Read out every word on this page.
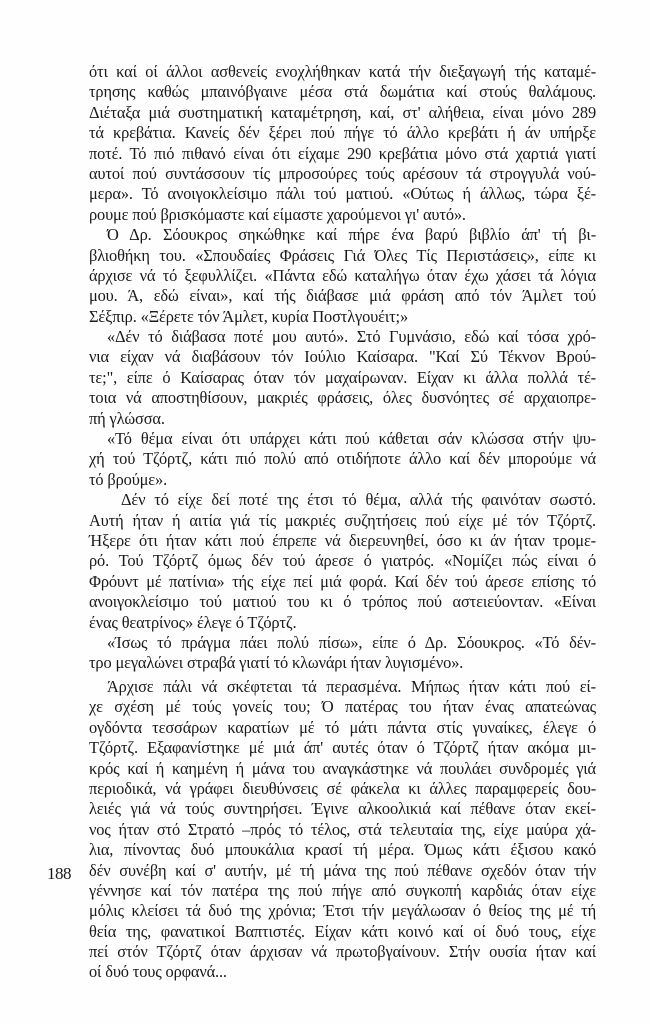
ότι καί οί άλλοι ασθενείς ενοχλήθηκαν κατά τήν διεξαγωγή τής καταμέ-
τρησης καθώς μπαινόβγαινε μέσα στά δωμάτια καί στούς θαλάμους.
Διέταξα μιά συστηματική καταμέτρηση, καί, στ' αλήθεια, είναι μόνο 289
τά κρεβάτια. Κανείς δέν ξέρει πού πήγε τό άλλο κρεβάτι ή άν υπήρξε
ποτέ. Τό πιό πιθανό είναι ότι είχαμε 290 κρεβάτια μόνο στά χαρτιά γιατί
αυτοί πού συντάσσουν τίς μπροσούρες τούς αρέσουν τά στρογγυλά νού-
μερα». Τό ανοιγοκλείσιμο πάλι τού ματιού. «Ούτως ή άλλως, τώρα ξέ-
ρουμε πού βρισκόμαστε καί είμαστε χαρούμενοι γι' αυτό».
Ό Δρ. Σόουκρος σηκώθηκε καί πήρε ένα βαρύ βιβλίο άπ' τή βι-
βλιοθήκη του. «Σπουδαίες Φράσεις Γιά Όλες Τίς Περιστάσεις», είπε κι
άρχισε νά τό ξεφυλλίζει. «Πάντα εδώ καταλήγω όταν έχω χάσει τά λόγια
μου. Ά, εδώ είναι», καί τής διάβασε μιά φράση από τόν Άμλετ τού
Σέξπιρ. «Ξέρετε τόν Άμλετ, κυρία Ποστλγουέιτ;»
«Δέν τό διάβασα ποτέ μου αυτό». Στό Γυμνάσιο, εδώ καί τόσα χρό-
νια είχαν νά διαβάσουν τόν Ιούλιο Καίσαρα. "Καί Σύ Τέκνον Βρού-
τε;", είπε ό Καίσαρας όταν τόν μαχαίρωναν. Είχαν κι άλλα πολλά τέ-
τοια νά αποστηθίσουν, μακριές φράσεις, όλες δυσνόητες σέ αρχαιοπρε-
πή γλώσσα.
«Τό θέμα είναι ότι υπάρχει κάτι πού κάθεται σάν κλώσσα στήν ψυ-
χή τού Τζόρτζ, κάτι πιό πολύ από οτιδήποτε άλλο καί δέν μπορούμε νά
τό βρούμε».
Δέν τό είχε δεί ποτέ της έτσι τό θέμα, αλλά τής φαινόταν σωστό.
Αυτή ήταν ή αιτία γιά τίς μακριές συζητήσεις πού είχε μέ τόν Τζόρτζ.
Ήξερε ότι ήταν κάτι πού έπρεπε νά διερευνηθεί, όσο κι άν ήταν τρομε-
ρό. Τού Τζόρτζ όμως δέν τού άρεσε ό γιατρός. «Νομίζει πώς είναι ό
Φρόυντ μέ πατίνια» τής είχε πεί μιά φορά. Καί δέν τού άρεσε επίσης τό
ανοιγοκλείσιμο τού ματιού του κι ό τρόπος πού αστειεύονταν. «Είναι
ένας θεατρίνος» έλεγε ό Τζόρτζ.
«Ίσως τό πράγμα πάει πολύ πίσω», είπε ό Δρ. Σόουκρος. «Τό δέν-
τρο μεγαλώνει στραβά γιατί τό κλωνάρι ήταν λυγισμένο».
Άρχισε πάλι νά σκέφτεται τά περασμένα. Μήπως ήταν κάτι πού εί-
χε σχέση μέ τούς γονείς του; Ό πατέρας του ήταν ένας απατεώνας
ογδόντα τεσσάρων καρατίων μέ τό μάτι πάντα στίς γυναίκες, έλεγε ό
Τζόρτζ. Εξαφανίστηκε μέ μιά άπ' αυτές όταν ό Τζόρτζ ήταν ακόμα μι-
κρός καί ή καημένη ή μάνα του αναγκάστηκε νά πουλάει συνδρομές γιά
περιοδικά, νά γράφει διευθύνσεις σέ φάκελα κι άλλες παραμφερείς δου-
λειές γιά νά τούς συντηρήσει. Έγινε αλκοολικιά καί πέθανε όταν εκεί-
νος ήταν στό Στρατό –πρός τό τέλος, στά τελευταία της, είχε μαύρα χά-
λια, πίνοντας δυό μπουκάλια κρασί τή μέρα. Όμως κάτι έξισου κακό
δέν συνέβη καί σ' αυτήν, μέ τή μάνα της πού πέθανε σχεδόν όταν τήν
γέννησε καί τόν πατέρα της πού πήγε από συγκοπή καρδιάς όταν είχε
μόλις κλείσει τά δυό της χρόνια; Έτσι τήν μεγάλωσαν ό θείος της μέ τή
θεία της, φανατικοί Βαπτιστές. Είχαν κάτι κοινό καί οί δυό τους, είχε
πεί στόν Τζόρτζ όταν άρχισαν νά πρωτοβγαίνουν. Στήν ουσία ήταν καί
οί δυό τους ορφανά...
188
